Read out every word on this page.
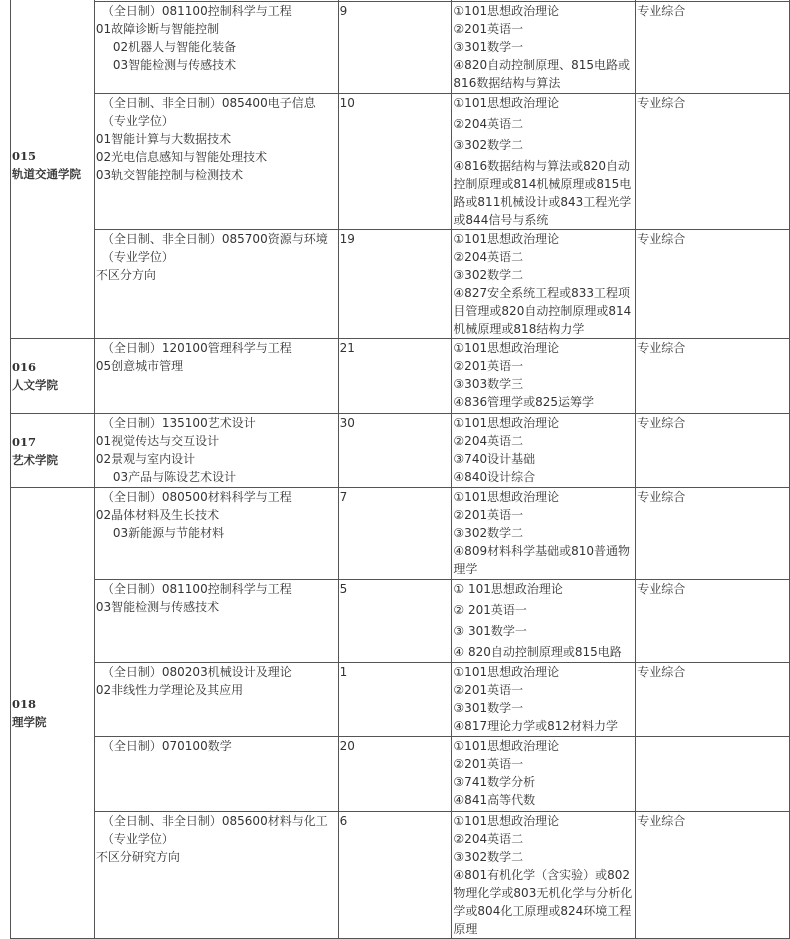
015
轨道交通学院

	（全日制）081100控制科学与工程
01故障诊断与智能控制
02机器人与智能化装备
03智能检测与传感技术	9	①101思想政治理论
②201英语一
③301数学一
④820自动控制原理、815电路或816数据结构与算法	专业综合

	（全日制、非全日制）085400电子信息（专业学位）
01智能计算与大数据技术
02光电信息感知与智能处理技术
03轨交智能控制与检测技术	10	①101思想政治理论
②204英语二
③302数学二
④816数据结构与算法或820自动控制原理或814机械原理或815电路或811机械设计或843工程光学或844信号与系统	专业综合

	（全日制、非全日制）085700资源与环境（专业学位）
不区分方向	19	①101思想政治理论
②204英语二
③302数学二
④827安全系统工程或833工程项目管理或820自动控制原理或814机械原理或818结构力学	专业综合

016
人文学院	（全日制）120100管理科学与工程
05创意城市管理	21	①101思想政治理论
②201英语一
③303数学三
④836管理学或825运筹学	专业综合

017
艺术学院	（全日制）135100艺术设计
01视觉传达与交互设计
02景观与室内设计
03产品与陈设艺术设计	30	①101思想政治理论
②204英语二
③740设计基础
④840设计综合	专业综合

018
理学院	（全日制）080500材料科学与工程
02晶体材料及生长技术
03新能源与节能材料	7	①101思想政治理论
②201英语一
③302数学二
④809材料科学基础或810普通物理学	专业综合

	（全日制）081100控制科学与工程
03智能检测与传感技术	5	① 101思想政治理论
② 201英语一
③ 301数学一
④ 820自动控制原理或815电路	专业综合

	（全日制）080203机械设计及理论
02非线性力学理论及其应用	1	①101思想政治理论
②201英语一
③301数学一
④817理论力学或812材料力学	专业综合

	（全日制）070100数学	20	①101思想政治理论
②201英语一
③741数学分析
④841高等代数	

	（全日制、非全日制）085600材料与化工（专业学位）
不区分研究方向	6	①101思想政治理论
②204英语二
③302数学二
④801有机化学（含实验）或802物理化学或803无机化学与分析化学或804化工原理或824环境工程原理	专业综合
